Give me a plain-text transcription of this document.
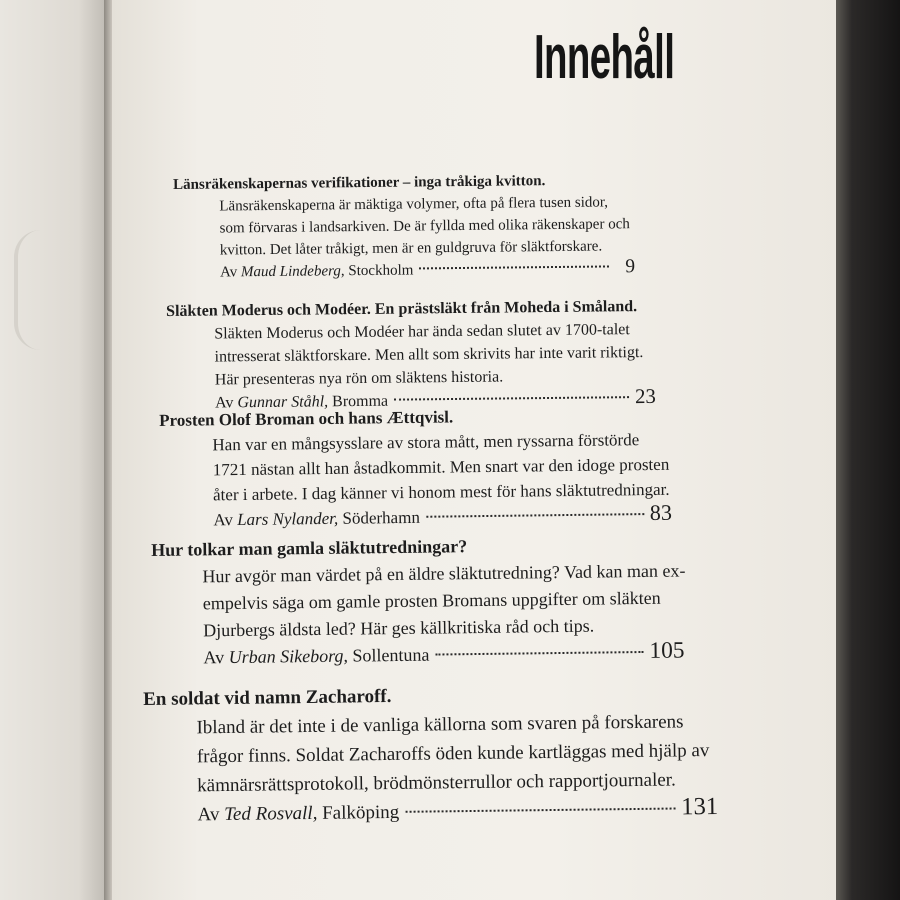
Innehåll
Länsräkenskapernas verifikationer – inga tråkiga kvitton.
Länsräkenskaperna är mäktiga volymer, ofta på flera tusen sidor,
som förvaras i landsarkiven. De är fyllda med olika räkenskaper och
kvitton. Det låter tråkigt, men är en guldgruva för släktforskare.
Av
Maud Lindeberg,
Stockholm	9
Släkten Moderus och Modéer. En prästsläkt från Moheda i Småland.
Släkten Moderus och Modéer har ända sedan slutet av 1700-talet
intresserat släktforskare. Men allt som skrivits har inte varit riktigt.
Här presenteras nya rön om släktens historia.
Av
Gunnar Ståhl,
Bromma	23
Prosten Olof Broman och hans Ættqvisl.
Han var en mångsysslare av stora mått, men ryssarna förstörde
1721 nästan allt han åstadkommit. Men snart var den idoge prosten
åter i arbete. I dag känner vi honom mest för hans släktutredningar.
Av
Lars Nylander,
Söderhamn	83
Hur tolkar man gamla släktutredningar?
Hur avgör man värdet på en äldre släktutredning? Vad kan man ex-
empelvis säga om gamle prosten Bromans uppgifter om släkten
Djurbergs äldsta led? Här ges källkritiska råd och tips.
Av
Urban Sikeborg,
Sollentuna	105
En soldat vid namn Zacharoff.
Ibland är det inte i de vanliga källorna som svaren på forskarens
frågor finns. Soldat Zacharoffs öden kunde kartläggas med hjälp av
kämnärsrättsprotokoll, brödmönsterrullor och rapportjournaler.
Av
Ted Rosvall,
Falköping	131
